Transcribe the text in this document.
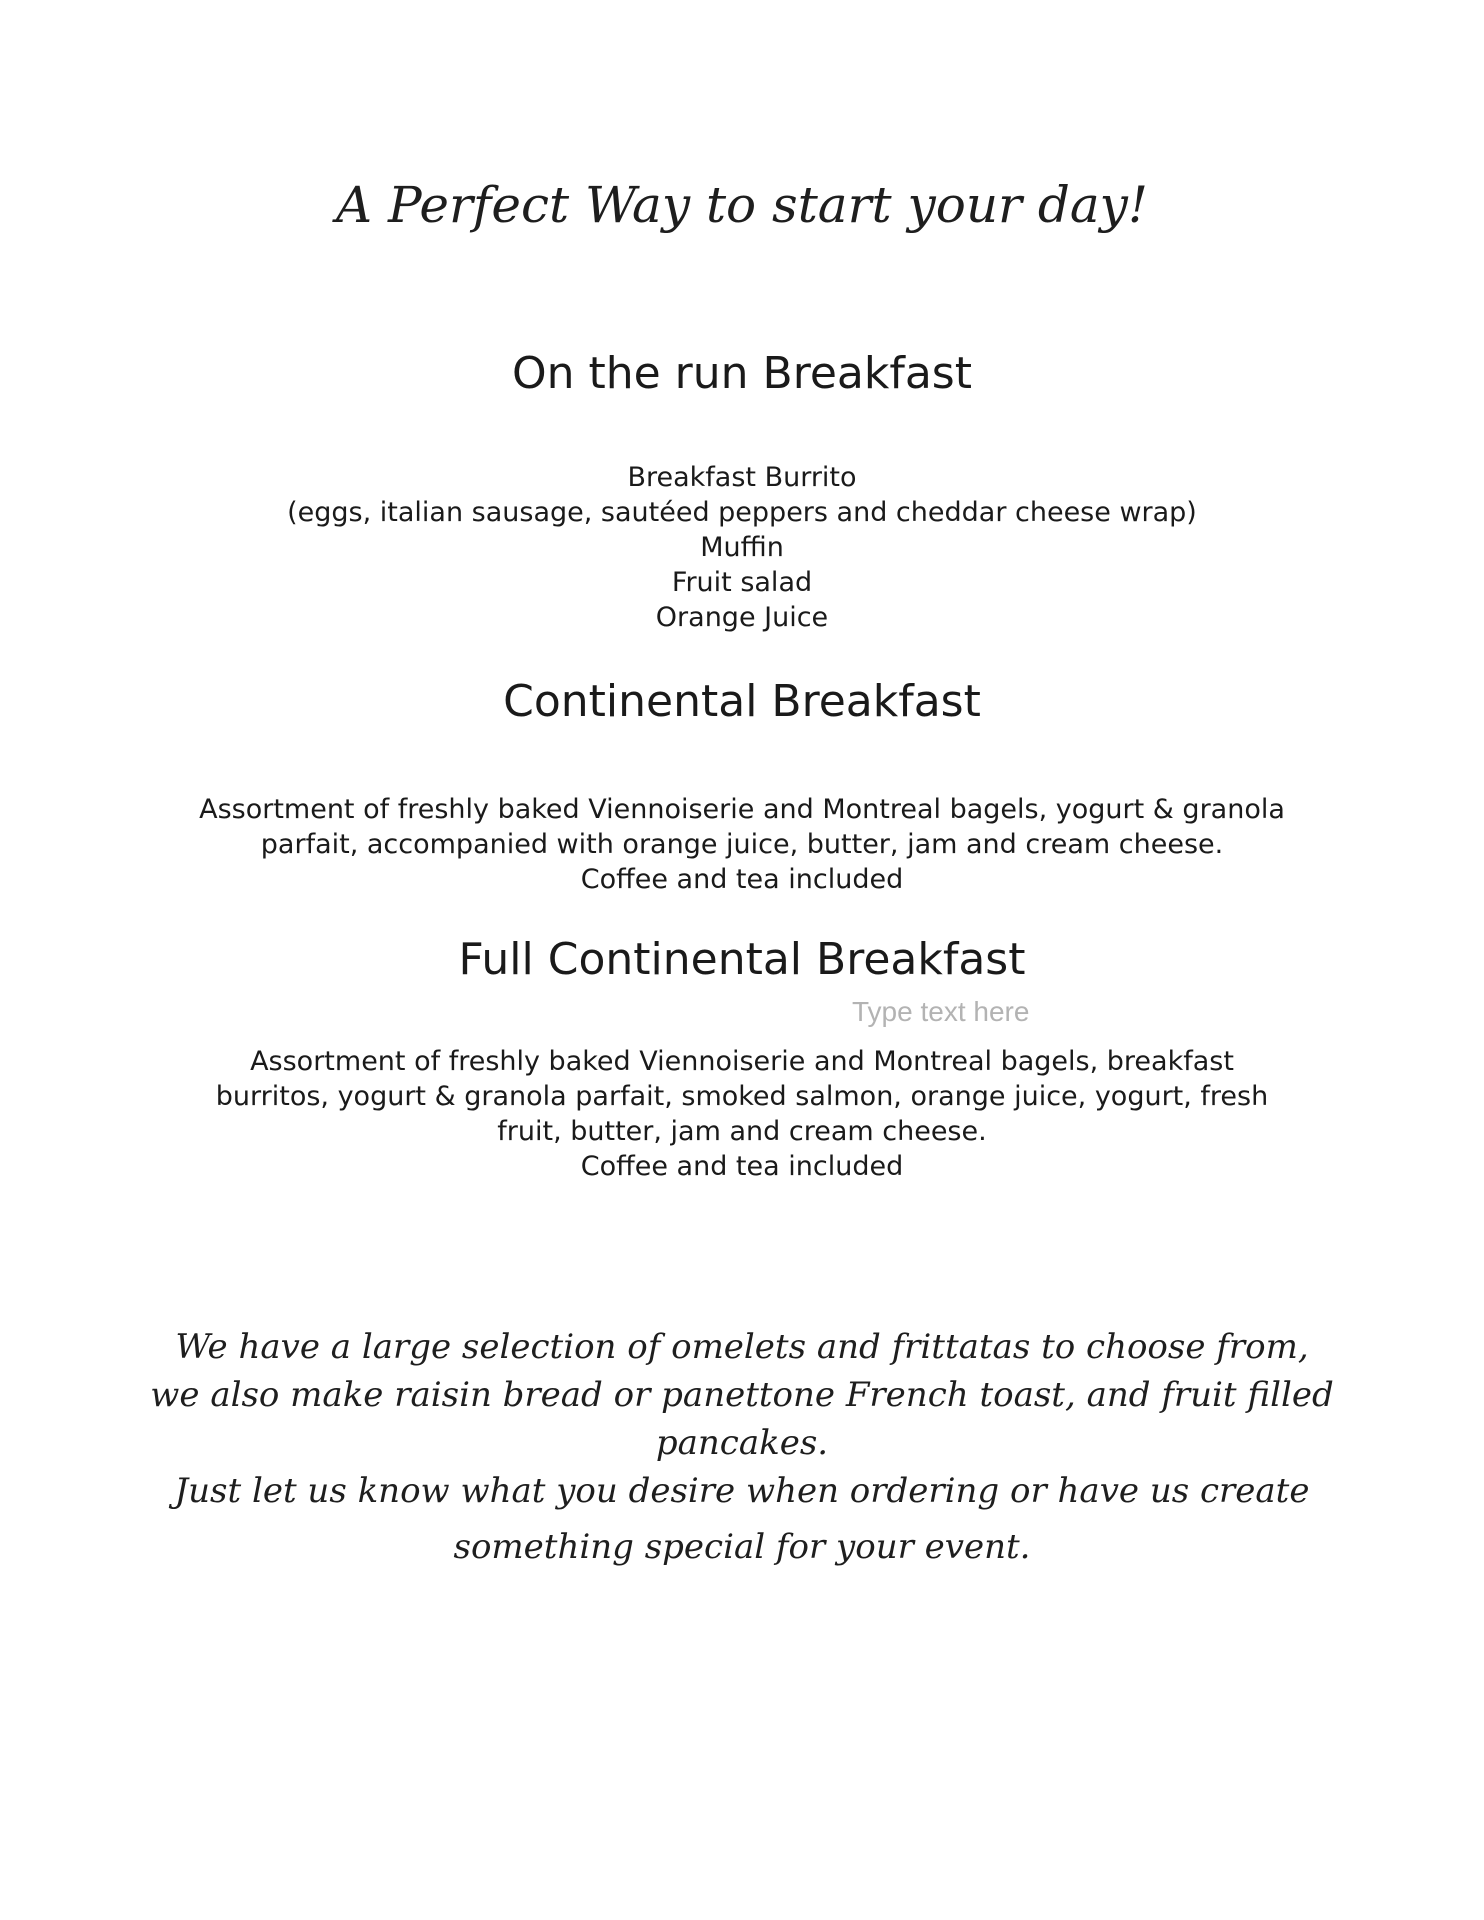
A Perfect Way to start your day!
On the run Breakfast
Breakfast Burrito
(eggs, italian sausage, sautéed peppers and cheddar cheese wrap)
Muffin
Fruit salad
Orange Juice
Continental Breakfast
Assortment of freshly baked Viennoiserie and Montreal bagels, yogurt & granola
parfait, accompanied with orange juice, butter, jam and cream cheese.
Coffee and tea included
Full Continental Breakfast
Type text here
Assortment of freshly baked Viennoiserie and Montreal bagels, breakfast
burritos, yogurt & granola parfait, smoked salmon, orange juice, yogurt, fresh
fruit, butter, jam and cream cheese.
Coffee and tea included
We have a large selection of omelets and frittatas to choose from,
we also make raisin bread or panettone French toast, and fruit filled
pancakes.
Just let us know what you desire when ordering or have us create
something special for your event.
